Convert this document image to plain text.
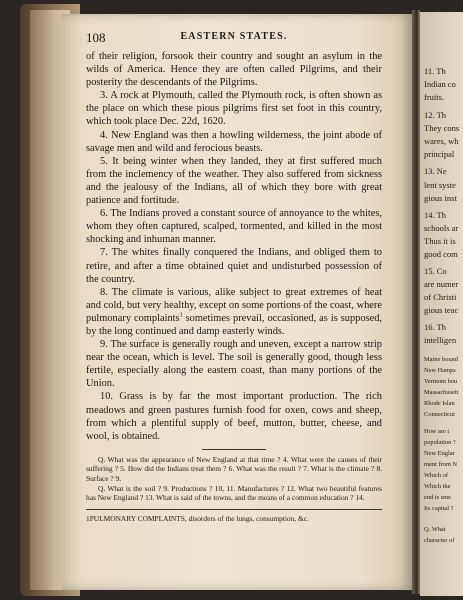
11. Th
Indian co
fruits.
12. Th
They cons
wares, wh
principal
13. Ne
lent syste
gious inst
14. Th
schools ar
Thus it is
good com
15. Co
are numer
of Christi
gious teac
16. Th
intelligen
Maine bound
New Hamps
Vermont bou
Massachusett
Rhode Islan
Connecticut
How are t
population ?
New Englar
ment from N
Which of
Which the
end is sme
Its capital ?
Q. What
character of
108	EASTERN STATES.

of their religion, forsook their country and sought an asylum in the wilds of America. Hence they are often called Pilgrims, and their posterity the descendants of the Pilgrims.

3. A rock at Plymouth, called the Plymouth rock, is often shown as the place on which these pious pilgrims first set foot in this country, which took place Dec. 22d, 1620.

4. New England was then a howling wilderness, the joint abode of savage men and wild and ferocious beasts.

5. It being winter when they landed, they at first suffered much from the inclemency of the weather. They also suffered from sickness and the jealousy of the Indians, all of which they bore with great patience and fortitude.

6. The Indians proved a constant source of annoyance to the whites, whom they often captured, scalped, tormented, and killed in the most shocking and inhuman manner.

7. The whites finally conquered the Indians, and obliged them to retire, and after a time obtained quiet and undisturbed possession of the country.

8. The climate is various, alike subject to great extremes of heat and cold, but very healthy, except on some portions of the coast, where pulmonary complaints$^1$ sometimes prevail, occasioned, as is supposed, by the long continued and damp easterly winds.

9. The surface is generally rough and uneven, except a narrow strip near the ocean, which is level. The soil is generally good, though less fertile, especially along the eastern coast, than many portions of the Union.

10. Grass is by far the most important production. The rich meadows and green pastures furnish food for oxen, cows and sheep, from which a plentiful supply of beef, mutton, butter, cheese, and wool, is obtained.

Q. What was the appearance of New England at that time ? 4. What were the causes of their suffering ? 5. How did the Indians treat them ? 6. What was the result ? 7. What is the climate ? 8. Surface ? 9.

Q. What is the soil ? 9. Productions ? 10, 11. Manufactures ? 12. What two beautiful features has New England ? 13. What is said of the towns, and the means of a common education ? 14.

1PULMONARY COMPLAINTS, disorders of the lungs, consumption, &c.
